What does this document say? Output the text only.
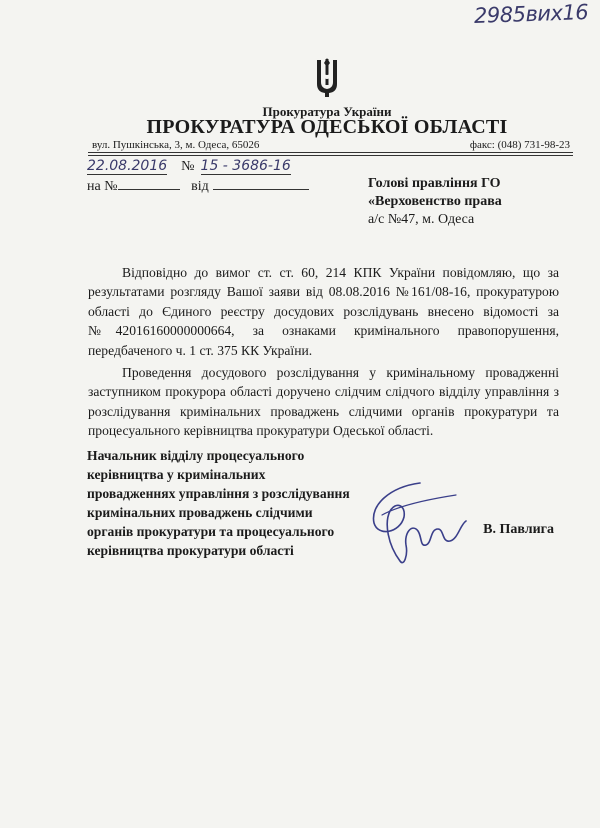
2985вих16
Прокуратура України
ПРОКУРАТУРА ОДЕСЬКОЇ ОБЛАСТІ
вул. Пушкінська, 3, м. Одеса, 65026	факс: (048) 731-98-23
22.08.2016 № 15 - 3686-16
на №	від	Голові правління ГО
«Верховенство права
а/с №47, м. Одеса

Відповідно до вимог ст. ст. 60, 214 КПК України повідомляю, що за результатами розгляду Вашої заяви від 08.08.2016 №161/08-16, прокуратурою області до Єдиного реєстру досудових розслідувань внесено відомості за №42016160000000664, за ознаками кримінального правопорушення, передбаченого ч. 1 ст. 375 КК України.

Проведення досудового розслідування у кримінальному провадженні заступником прокурора області доручено слідчим слідчого відділу управління з розслідування кримінальних проваджень слідчими органів прокуратури та процесуального керівництва прокуратури Одеської області.

Начальник відділу процесуального
керівництва у кримінальних
провадженнях управління з розслідування
кримінальних проваджень слідчими
органів прокуратури та процесуального
керівництва прокуратури області
В. Павлига
